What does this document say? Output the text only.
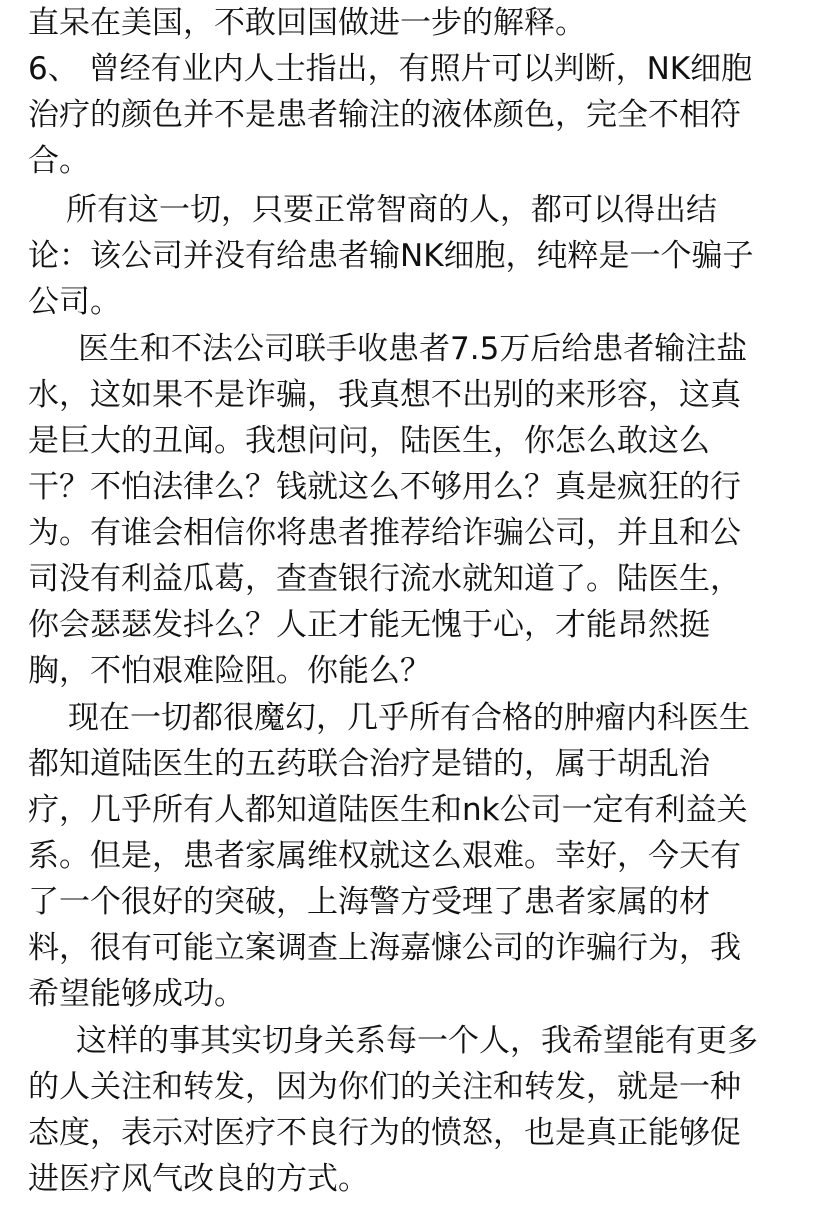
直呆在美国，不敢回国做进一步的解释。
6、 曾经有业内人士指出，有照片可以判断，NK细胞
治疗的颜色并不是患者输注的液体颜色，完全不相符
合。
所有这一切，只要正常智商的人，都可以得出结
论：该公司并没有给患者输NK细胞，纯粹是一个骗子
公司。
医生和不法公司联手收患者7.5万后给患者输注盐
水，这如果不是诈骗，我真想不出别的来形容，这真
是巨大的丑闻。我想问问，陆医生，你怎么敢这么
干？不怕法律么？钱就这么不够用么？真是疯狂的行
为。有谁会相信你将患者推荐给诈骗公司，并且和公
司没有利益瓜葛，查查银行流水就知道了。陆医生，
你会瑟瑟发抖么？人正才能无愧于心，才能昂然挺
胸，不怕艰难险阻。你能么？
现在一切都很魔幻，几乎所有合格的肿瘤内科医生
都知道陆医生的五药联合治疗是错的，属于胡乱治
疗，几乎所有人都知道陆医生和nk公司一定有利益关
系。但是，患者家属维权就这么艰难。幸好，今天有
了一个很好的突破，上海警方受理了患者家属的材
料，很有可能立案调查上海嘉慷公司的诈骗行为，我
希望能够成功。
这样的事其实切身关系每一个人，我希望能有更多
的人关注和转发，因为你们的关注和转发，就是一种
态度，表示对医疗不良行为的愤怒，也是真正能够促
进医疗风气改良的方式。
